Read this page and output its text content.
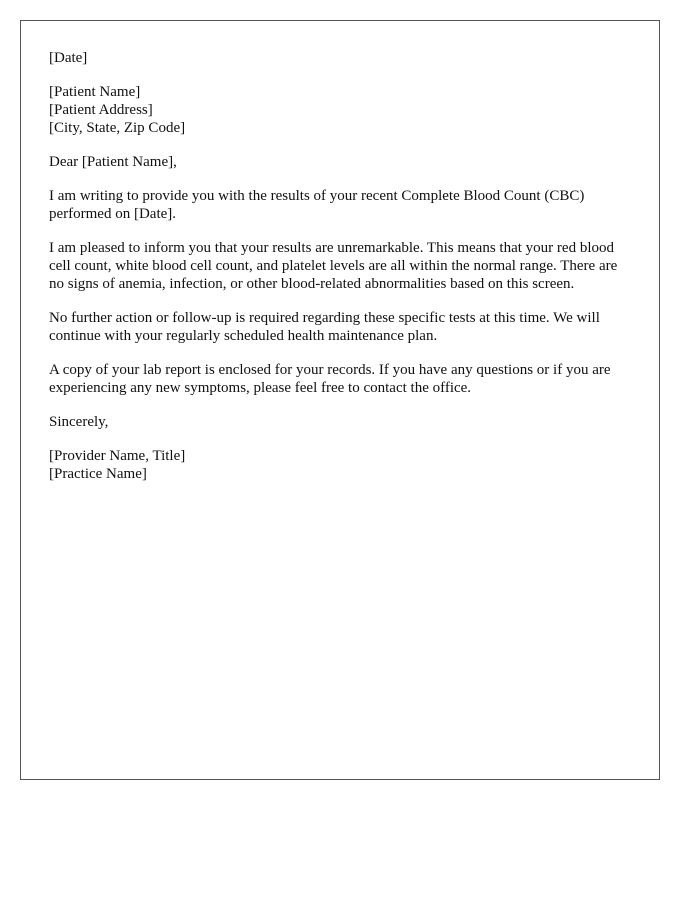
[Date]

[Patient Name]

[Patient Address]

[City, State, Zip Code]

Dear [Patient Name],

I am writing to provide you with the results of your recent Complete Blood Count (CBC) performed on [Date].

I am pleased to inform you that your results are unremarkable. This means that your red blood cell count, white blood cell count, and platelet levels are all within the normal range. There are no signs of anemia, infection, or other blood-related abnormalities based on this screen.

No further action or follow-up is required regarding these specific tests at this time. We will continue with your regularly scheduled health maintenance plan.

A copy of your lab report is enclosed for your records. If you have any questions or if you are experiencing any new symptoms, please feel free to contact the office.

Sincerely,

[Provider Name, Title]

[Practice Name]
